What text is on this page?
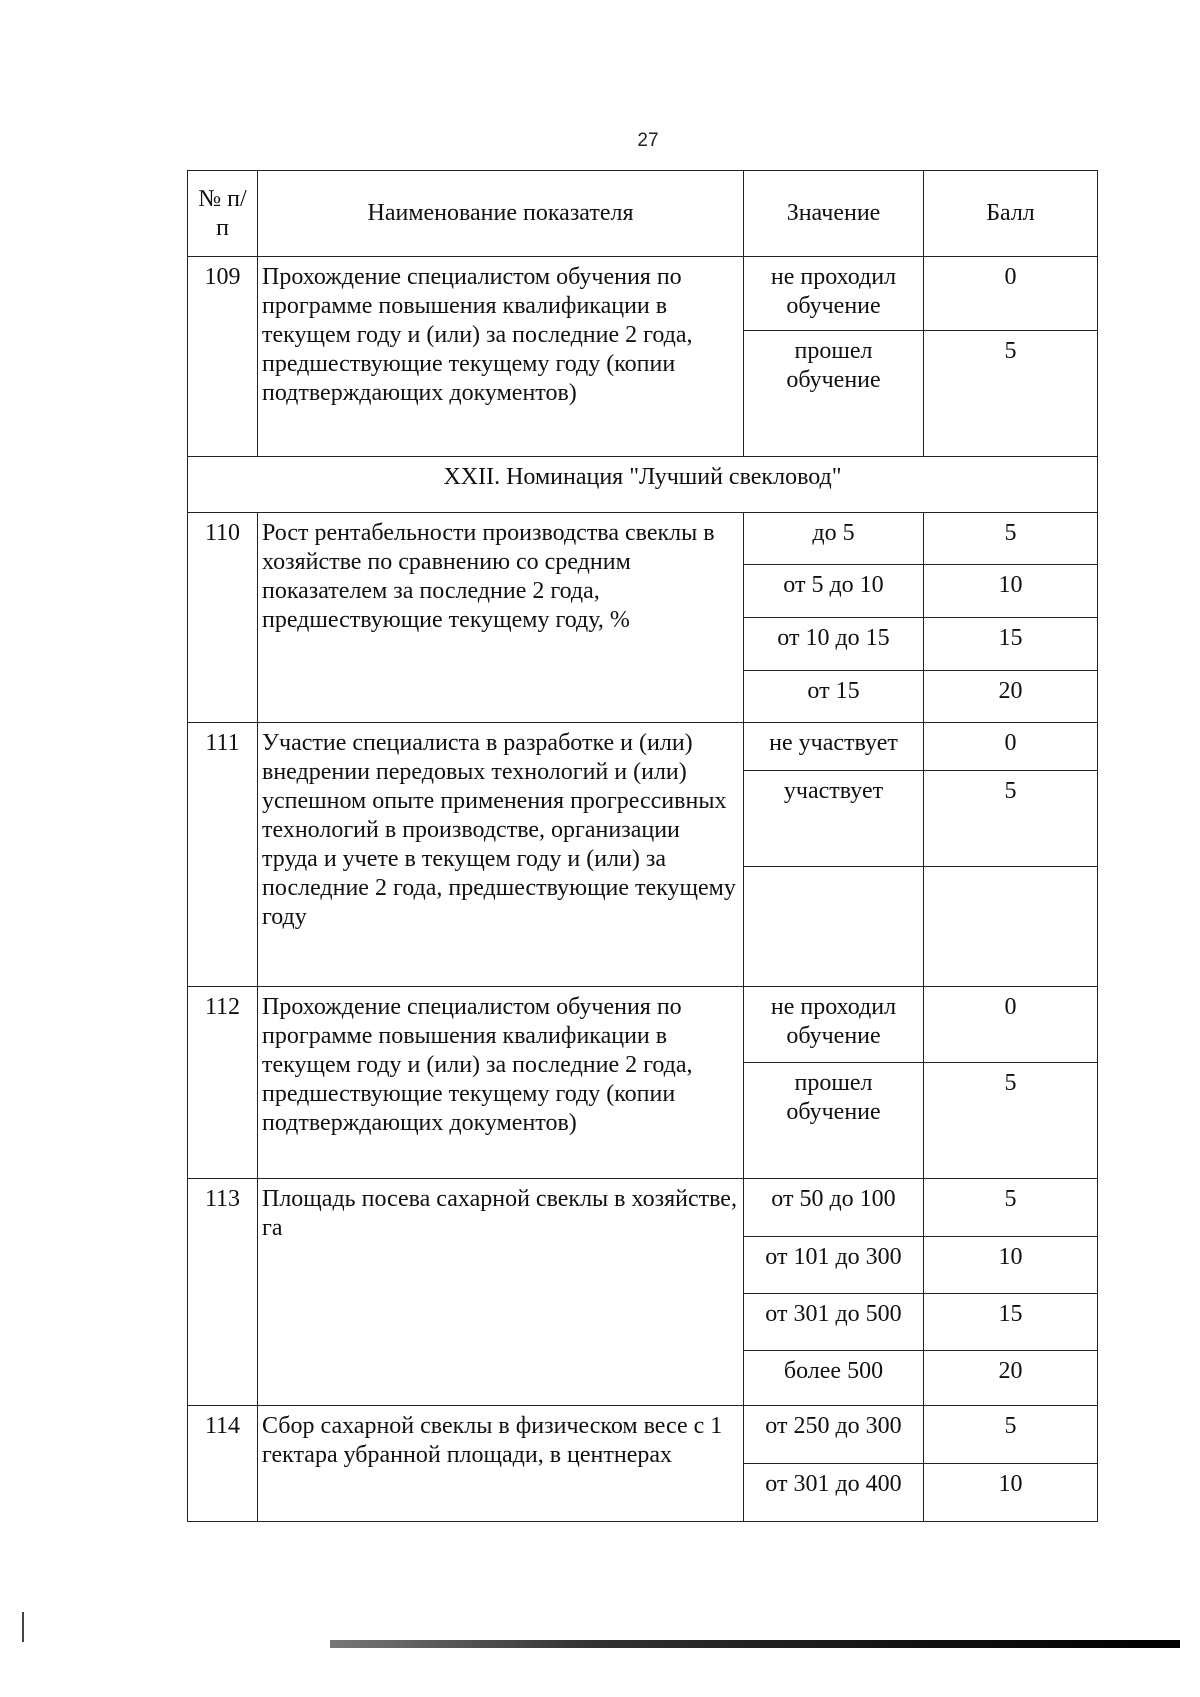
27
№ п/п	Наименование показателя	Значение	Балл
109	Прохождение специалистом обучения по программе повышения квалификации в текущем году и (или) за последние 2 года, предшествующие текущему году (копии подтверждающих документов)	не проходил обучение	0
		прошел обучение	5
XXII. Номинация "Лучший свекловод"			
110	Рост рентабельности производства свеклы в хозяйстве по сравнению со средним показателем за последние 2 года, предшествующие текущему году, %	до 5	5
		от 5 до 10	10
		от 10 до 15	15
		от 15	20
111	Участие специалиста в разработке и (или) внедрении передовых технологий и (или) успешном опыте применения прогрессивных технологий в производстве, организации труда и учете в текущем году и (или) за последние 2 года, предшествующие текущему году	не участвует	0
		участвует	5

112	Прохождение специалистом обучения по программе повышения квалификации в текущем году и (или) за последние 2 года, предшествующие текущему году (копии подтверждающих документов)	не проходил обучение	0
		прошел обучение	5
113	Площадь посева сахарной свеклы в хозяйстве, га	от 50 до 100	5
		от 101 до 300	10
		от 301 до 500	15
		более 500	20
114	Сбор сахарной свеклы в физическом весе с 1 гектара убранной площади, в центнерах	от 250 до 300	5
		от 301 до 400	10
